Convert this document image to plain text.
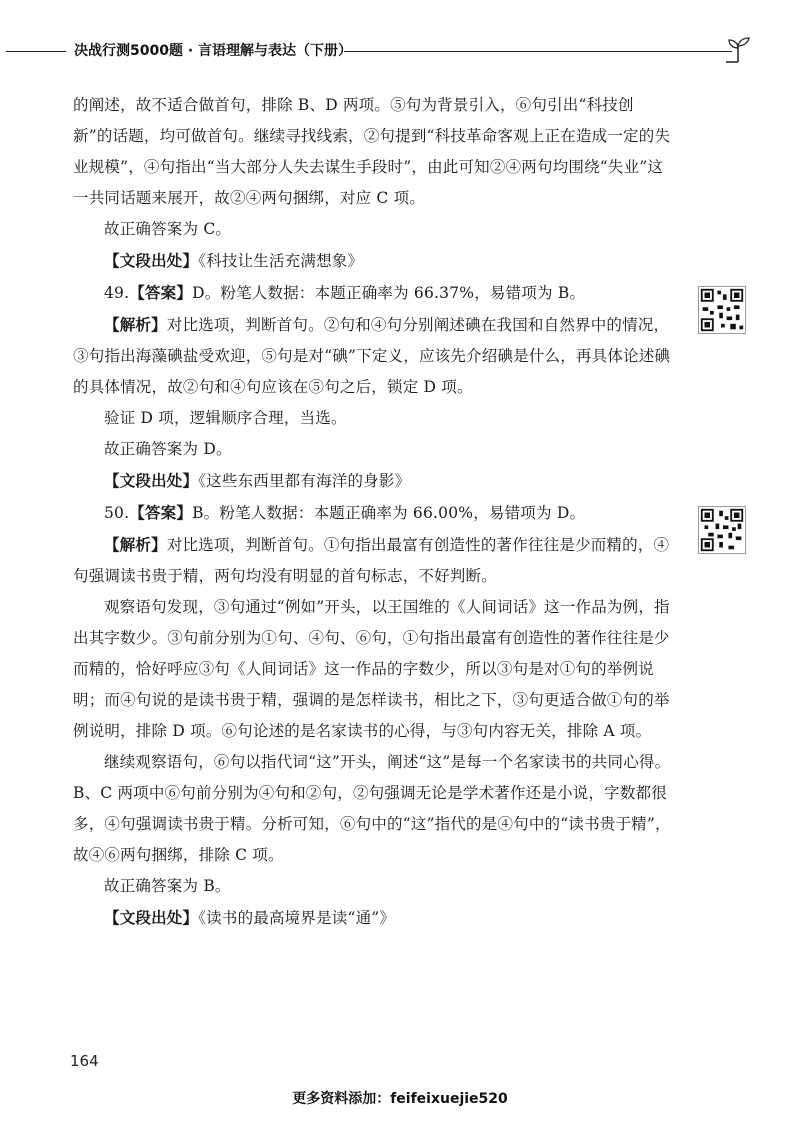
决战行测5000题 · 言语理解与表达（下册）

的阐述，故不适合做首句，排除 B、D 两项。⑤句为背景引入，⑥句引出“科技创新”的话题，均可做首句。继续寻找线索，②句提到“科技革命客观上正在造成一定的失业规模”，④句指出“当大部分人失去谋生手段时”，由此可知②④两句均围绕“失业”这一共同话题来展开，故②④两句捆绑，对应 C 项。

故正确答案为 C。

【文段出处】《科技让生活充满想象》

49.【答案】D。粉笔人数据：本题正确率为 66.37%，易错项为 B。

【解析】对比选项，判断首句。②句和④句分别阐述碘在我国和自然界中的情况，③句指出海藻碘盐受欢迎，⑤句是对“碘”下定义，应该先介绍碘是什么，再具体论述碘的具体情况，故②句和④句应该在⑤句之后，锁定 D 项。

验证 D 项，逻辑顺序合理，当选。

故正确答案为 D。

【文段出处】《这些东西里都有海洋的身影》

50.【答案】B。粉笔人数据：本题正确率为 66.00%，易错项为 D。

【解析】对比选项，判断首句。①句指出最富有创造性的著作往往是少而精的，④句强调读书贵于精，两句均没有明显的首句标志，不好判断。

观察语句发现，③句通过“例如”开头，以王国维的《人间词话》这一作品为例，指出其字数少。③句前分别为①句、④句、⑥句，①句指出最富有创造性的著作往往是少而精的，恰好呼应③句《人间词话》这一作品的字数少，所以③句是对①句的举例说明；而④句说的是读书贵于精，强调的是怎样读书，相比之下，③句更适合做①句的举例说明，排除 D 项。⑥句论述的是名家读书的心得，与③句内容无关，排除 A 项。

继续观察语句，⑥句以指代词“这”开头，阐述“这”是每一个名家读书的共同心得。B、C 两项中⑥句前分别为④句和②句，②句强调无论是学术著作还是小说，字数都很多，④句强调读书贵于精。分析可知，⑥句中的“这”指代的是④句中的“读书贵于精”，故④⑥两句捆绑，排除 C 项。

故正确答案为 B。

【文段出处】《读书的最高境界是读“通”》

164
更多资料添加：feifeixuejie520
